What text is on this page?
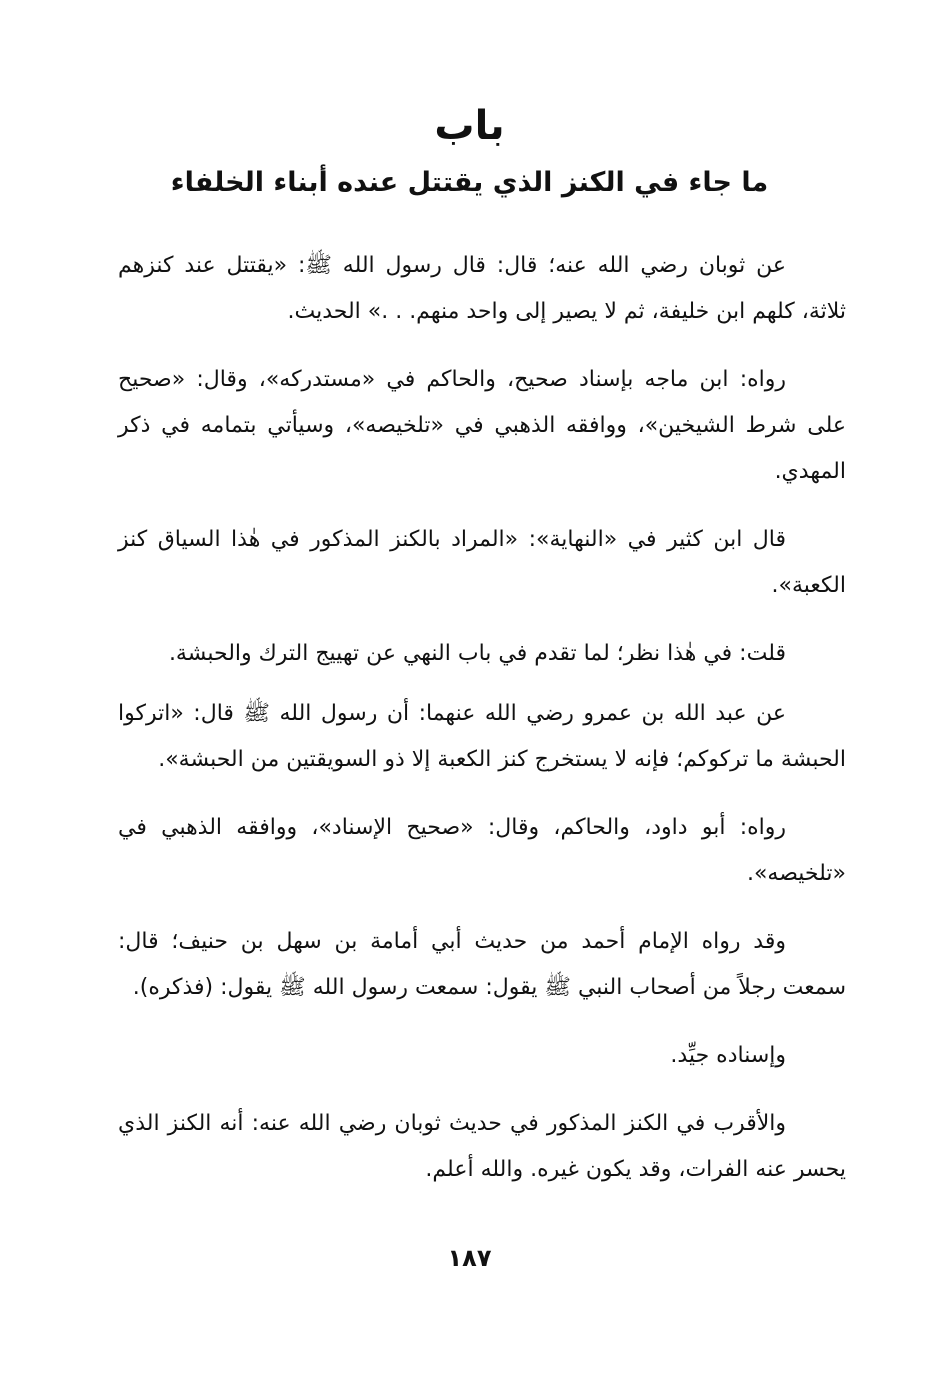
باب
ما جاء في الكنز الذي يقتتل عنده أبناء الخلفاء

عن ثوبان رضي الله عنه؛ قال: قال رسول الله ﷺ: «يقتتل عند كنزهم ثلاثة، كلهم ابن خليفة، ثم لا يصير إلى واحد منهم. . .» الحديث.

رواه: ابن ماجه بإسناد صحيح، والحاكم في «مستدركه»، وقال: «صحيح على شرط الشيخين»، ووافقه الذهبي في «تلخيصه»، وسيأتي بتمامه في ذكر المهدي.

قال ابن كثير في «النهاية»: «المراد بالكنز المذكور في هٰذا السياق كنز الكعبة».

قلت: في هٰذا نظر؛ لما تقدم في باب النهي عن تهييج الترك والحبشة.

عن عبد الله بن عمرو رضي الله عنهما: أن رسول الله ﷺ قال: «اتركوا الحبشة ما تركوكم؛ فإنه لا يستخرج كنز الكعبة إلا ذو السويقتين من الحبشة».

رواه: أبو داود، والحاكم، وقال: «صحيح الإسناد»، ووافقه الذهبي في «تلخيصه».

وقد رواه الإمام أحمد من حديث أبي أمامة بن سهل بن حنيف؛ قال: سمعت رجلاً من أصحاب النبي ﷺ يقول: سمعت رسول الله ﷺ يقول: (فذكره).

وإسناده جيِّد.

والأقرب في الكنز المذكور في حديث ثوبان رضي الله عنه: أنه الكنز الذي يحسر عنه الفرات، وقد يكون غيره. والله أعلم.

١٨٧
